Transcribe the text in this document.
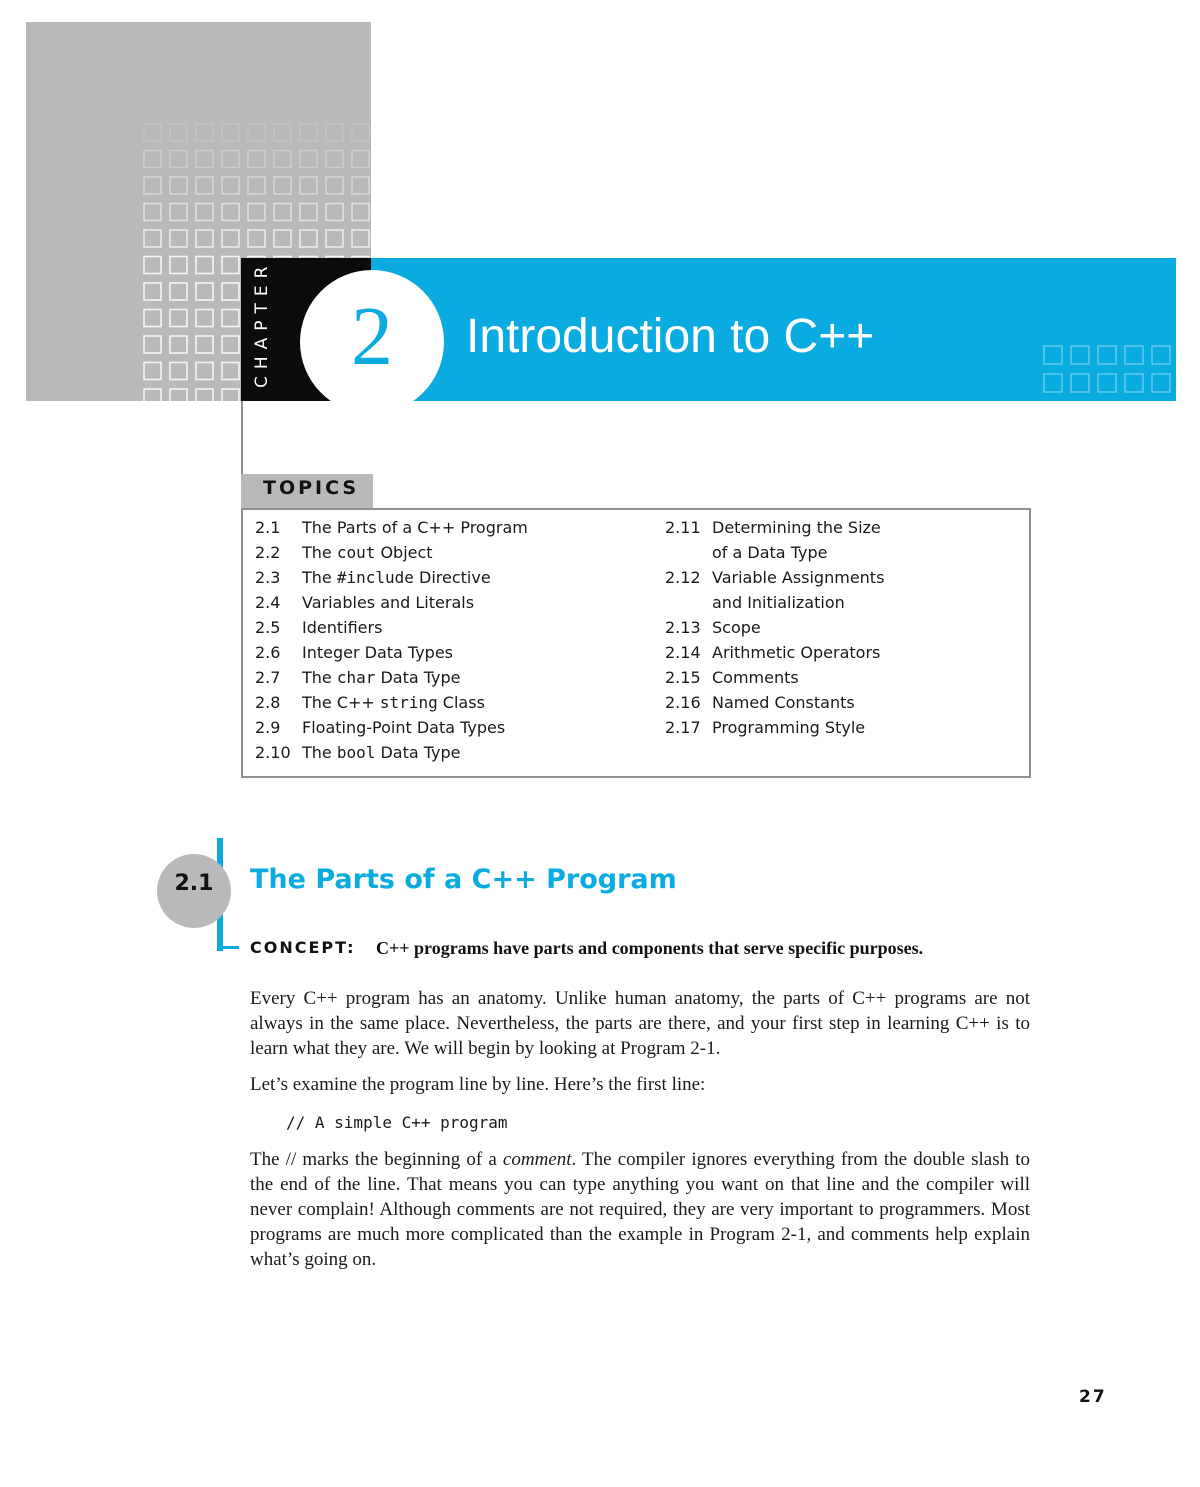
CHAPTER 2	Introduction to C++
TOPICS
2.1 The Parts of a C++ Program
2.2 The cout Object
2.3 The #include Directive
2.4 Variables and Literals
2.5 Identifiers
2.6 Integer Data Types
2.7 The char Data Type
2.8 The C++ string Class
2.9 Floating-Point Data Types
2.10 The bool Data Type
2.11 Determining the Size
of a Data Type
2.12 Variable Assignments
and Initialization
2.13 Scope
2.14 Arithmetic Operators
2.15 Comments
2.16 Named Constants
2.17 Programming Style
2.1	The Parts of a C++ Program
CONCEPT: C++ programs have parts and components that serve specific purposes.
Every C++ program has an anatomy. Unlike human anatomy, the parts of C++ programs are not always in the same place. Nevertheless, the parts are there, and your first step in learning C++ is to learn what they are. We will begin by looking at Program 2-1.
Let’s examine the program line by line. Here’s the first line:
// A simple C++ program
The // marks the beginning of a comment. The compiler ignores everything from the double slash to the end of the line. That means you can type anything you want on that line and the compiler will never complain! Although comments are not required, they are very important to programmers. Most programs are much more complicated than the example in Program 2-1, and comments help explain what’s going on.
27
